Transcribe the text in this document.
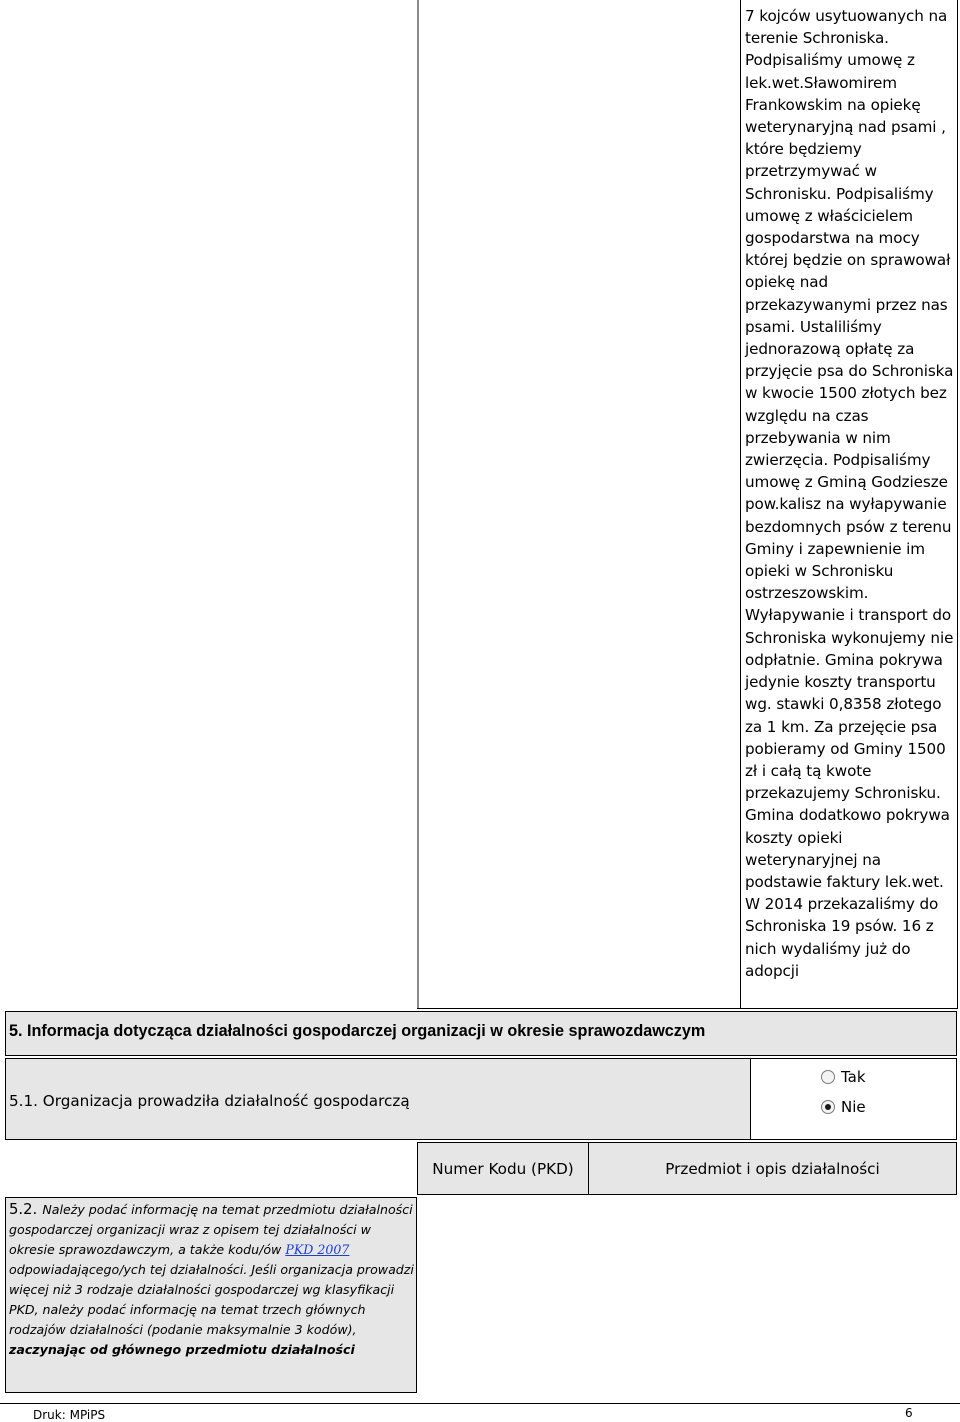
7 kojców usytuowanych na terenie Schroniska. Podpisaliśmy umowę z lek.wet.Sławomirem Frankowskim na opiekę weterynaryjną nad psami , które będziemy przetrzymywać w Schronisku. Podpisaliśmy umowę z właścicielem gospodarstwa na mocy której będzie on sprawował opiekę nad przekazywanymi przez nas psami. Ustaliliśmy jednorazową opłatę za przyjęcie psa do Schroniska w kwocie 1500 złotych bez względu na czas przebywania w nim zwierzęcia. Podpisaliśmy umowę z Gminą Godziesze pow.kalisz na wyłapywanie bezdomnych psów z terenu Gminy i zapewnienie im opieki w Schronisku ostrzeszowskim. Wyłapywanie i transport do Schroniska wykonujemy nie odpłatnie. Gmina pokrywa jedynie koszty transportu wg. stawki 0,8358 złotego za 1 km. Za przejęcie psa pobieramy od Gminy 1500 zł i całą tą kwote przekazujemy Schronisku. Gmina dodatkowo pokrywa koszty opieki weterynaryjnej na podstawie faktury lek.wet. W 2014 przekazaliśmy do Schroniska 19 psów. 16 z nich wydaliśmy już do adopcji
5. Informacja dotycząca działalności gospodarczej organizacji w okresie sprawozdawczym
5.1. Organizacja prowadziła działalność gospodarczą
Tak
Nie
Numer Kodu (PKD)	Przedmiot i opis działalności
5.2. Należy podać informację na temat przedmiotu działalności gospodarczej organizacji wraz z opisem tej działalności w okresie sprawozdawczym, a także kodu/ów PKD 2007 odpowiadającego/ych tej działalności. Jeśli organizacja prowadzi więcej niż 3 rodzaje działalności gospodarczej wg klasyfikacji PKD, należy podać informację na temat trzech głównych rodzajów działalności (podanie maksymalnie 3 kodów), zaczynając od głównego przedmiotu działalności
Druk: MPiPS	6
